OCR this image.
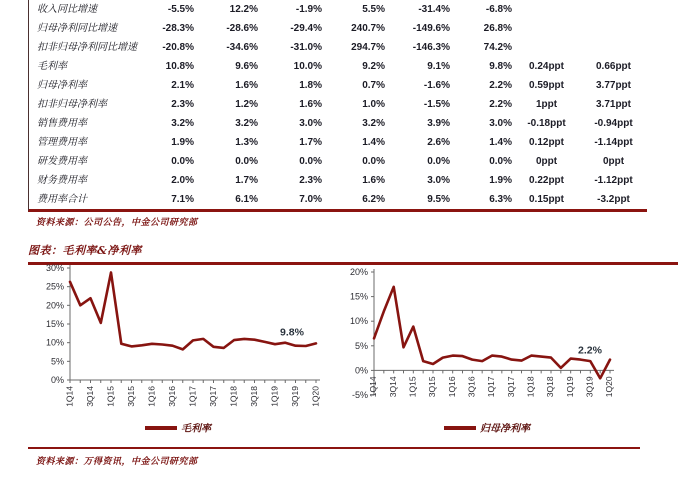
收入同比增速	-5.5%	12.2%	-1.9%	5.5%	-31.4%	-6.8%
归母净利同比增速	-28.3%	-28.6%	-29.4%	240.7%	-149.6%	26.8%
扣非归母净利同比增速	-20.8%	-34.6%	-31.0%	294.7%	-146.3%	74.2%
毛利率	10.8%	9.6%	10.0%	9.2%	9.1%	9.8%	0.24ppt	0.66ppt
归母净利率	2.1%	1.6%	1.8%	0.7%	-1.6%	2.2%	0.59ppt	3.77ppt
扣非归母净利率	2.3%	1.2%	1.6%	1.0%	-1.5%	2.2%	1ppt	3.71ppt
销售费用率	3.2%	3.2%	3.0%	3.2%	3.9%	3.0%	-0.18ppt	-0.94ppt
管理费用率	1.9%	1.3%	1.7%	1.4%	2.6%	1.4%	0.12ppt	-1.14ppt
研发费用率	0.0%	0.0%	0.0%	0.0%	0.0%	0.0%	0ppt	0ppt
财务费用率	2.0%	1.7%	2.3%	1.6%	3.0%	1.9%	0.22ppt	-1.12ppt
费用率合计	7.1%	6.1%	7.0%	6.2%	9.5%	6.3%	0.15ppt	-3.2ppt
资料来源：公司公告，中金公司研究部
图表：毛利率&净利率
30%
25%
20%
15%
10%
5%
0%
1Q14 3Q14 1Q15 3Q15 1Q16 3Q16 1Q17 3Q17 1Q18 3Q18 1Q19 3Q19 1Q20
9.8%
毛利率
20%
15%
10%
5%
0%
-5% 1Q14 3Q14 1Q15 3Q15 1Q16 3Q16 1Q17 3Q17 1Q18 3Q18 1Q19 3Q19 1Q20
2.2%
归母净利率
资料来源：万得资讯，中金公司研究部
